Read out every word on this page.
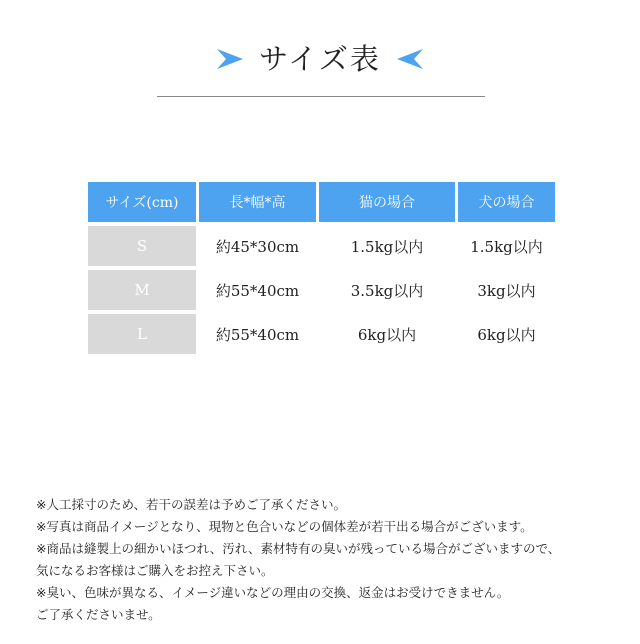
サイズ表
サイズ(cm)	長*幅*高	猫の場合	犬の場合
S	約45*30cm	1.5kg以内	1.5kg以内
M	約55*40cm	3.5kg以内	3kg以内
L	約55*40cm	6kg以内	6kg以内
※人工採寸のため、若干の誤差は予めご了承ください。
※写真は商品イメージとなり、現物と色合いなどの個体差が若干出る場合がございます。
※商品は縫製上の細かいほつれ、汚れ、素材特有の臭いが残っている場合がございますので、
気になるお客様はご購入をお控え下さい。
※臭い、色味が異なる、イメージ違いなどの理由の交換、返金はお受けできません。
ご了承くださいませ。
